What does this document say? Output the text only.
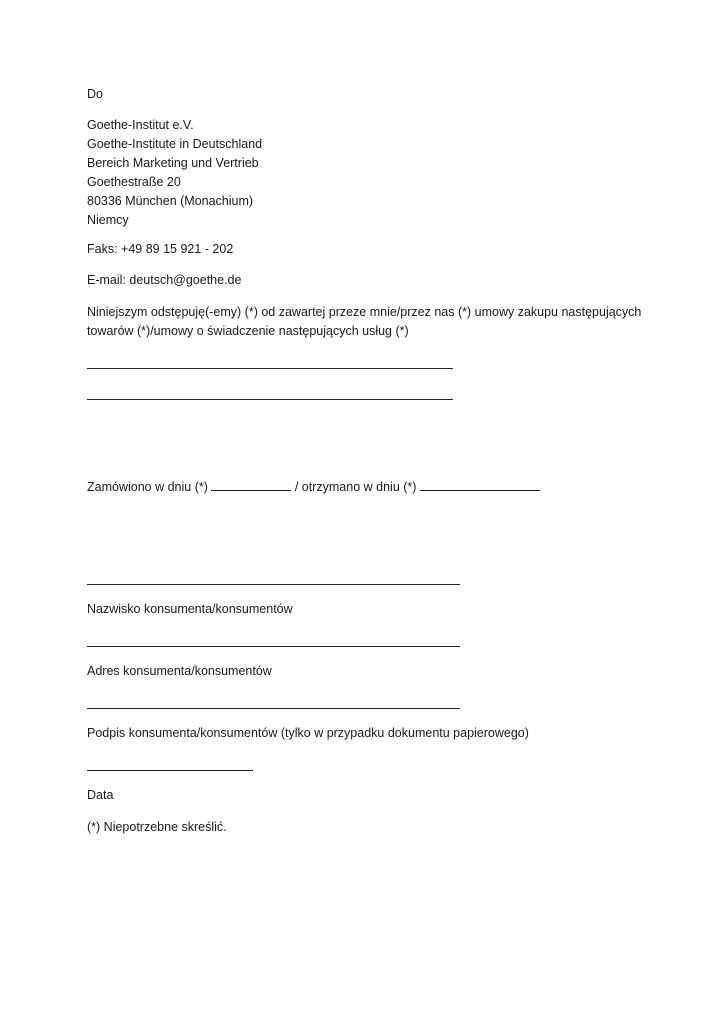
Do

Goethe-Institut e.V.
Goethe-Institute in Deutschland
Bereich Marketing und Vertrieb
Goethestraße 20
80336 München (Monachium)
Niemcy

Faks: +49 89 15 921 - 202

E-mail: deutsch@goethe.de

Niniejszym odstępuję(-emy) (*) od zawartej przeze mnie/przez nas (*) umowy zakupu następujących
towarów (*)/umowy o świadczenie następujących usług (*)
Zamówiono w dniu (*)	/ otrzymano w dniu (*)

Nazwisko konsumenta/konsumentów

Adres konsumenta/konsumentów

Podpis konsumenta/konsumentów (tylko w przypadku dokumentu papierowego)

Data

(*) Niepotrzebne skreślić.
